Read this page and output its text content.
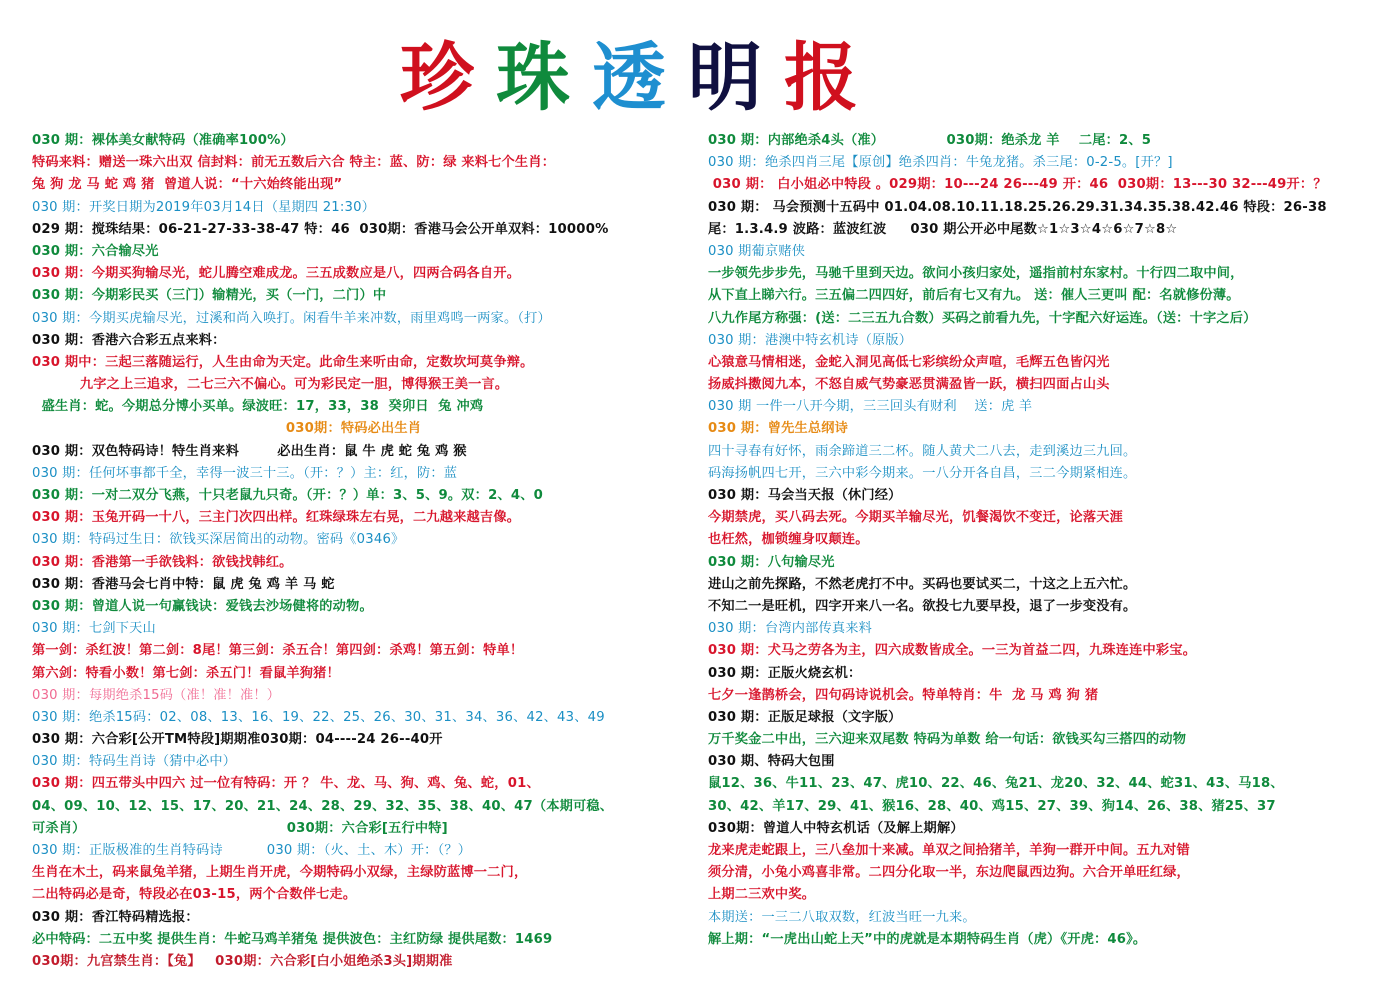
珍 珠 透 明 报
030 期：裸体美女献特码（准确率100%）
特码来料：赠送一珠六出双 信封料：前无五数后六合 特主：蓝、防：绿 来料七个生肖：
兔 狗 龙 马 蛇 鸡 猪  曾道人说：“十六始终能出现”
030 期：开奖日期为2019年03月14日（星期四 21:30）
029 期：搅珠结果：06-21-27-33-38-47 特：46  030期：香港马会公开单双料：10000%
030 期：六合输尽光
030 期：今期买狗输尽光，蛇儿腾空难成龙。三五成数应是八，四两合码各自开。
030 期：今期彩民买（三门）输精光，买（一门，二门）中
030 期：今期买虎输尽光，过溪和尚入唤打。闲看牛羊来冲数，雨里鸡鸣一两家。（打）
030 期：香港六合彩五点来料：
030 期中：三起三落随运行，人生由命为天定。此命生来听由命，定数坎坷莫争辩。
九字之上三追求，二七三六不偏心。可为彩民定一胆，博得猴王美一言。
盛生肖：蛇。今期总分博小买单。绿波旺：17，33，38  癸卯日  兔 冲鸡
030期：特码必出生肖
030 期：双色特码诗！特生肖来料        必出生肖：鼠 牛 虎 蛇 兔 鸡 猴
030 期：任何坏事都千全，幸得一波三十三。（开：？）主：红，防：蓝
030 期：一对二双分飞燕，十只老鼠九只奇。（开：？）单：3、5、9。双：2、4、0
030 期：玉兔开码一十八，三主门次四出样。红珠绿珠左右晃，二九越来越吉像。
030 期：特码过生日：欲钱买深居简出的动物。密码《0346》
030 期：香港第一手欲钱料：欲钱找韩红。
030 期：香港马会七肖中特：鼠 虎 兔 鸡 羊 马 蛇
030 期：曾道人说一句赢钱诀：爱钱去沙场健将的动物。
030 期：七剑下天山
第一剑：杀红波！第二剑：8尾！第三剑：杀五合！第四剑：杀鸡！第五剑：特单！
第六剑：特看小数！第七剑：杀五门！看鼠羊狗猪！
030 期：每期绝杀15码（准！准！准！）
030 期：绝杀15码：02、08、13、16、19、22、25、26、30、31、34、36、42、43、49
030 期：六合彩[公开TM特段]期期准030期：04----24 26--40开
030 期：特码生肖诗（猜中必中）
030 期：四五带头中四六 过一位有特码：开 ？ 牛、龙、马、狗、鸡、兔、蛇，01、
04、09、10、12、15、17、20、21、24、28、29、32、35、38、40、47（本期可稳、
可杀肖）                                          030期：六合彩[五行中特]
030 期：正版极准的生肖特码诗          030 期：（火、土、木）开：（？）
生肖在木土，码来鼠兔羊猪，上期生肖开虎，今期特码小双绿，主绿防蓝博一二门，
二出特码必是奇，特段必在03-15，两个合数伴七走。
030 期：香江特码精选报：
必中特码：二五中奖 提供生肖：牛蛇马鸡羊猪兔 提供波色：主红防绿 提供尾数：1469
030期：九宫禁生肖：【兔】   030期：六合彩[白小姐绝杀3头]期期准
030 期：内部绝杀4头（准）             030期：绝杀龙 羊    二尾：2、5
030 期：绝杀四肖三尾【原创】绝杀四肖：牛兔龙猪。杀三尾：0-2-5。[开？]
030 期： 白小姐必中特段 。029期：10---24 26---49 开：46  030期：13---30 32---49开：？
030 期： 马会预测十五码中 01.04.08.10.11.18.25.26.29.31.34.35.38.42.46 特段：26-38
尾：1.3.4.9 波路：蓝波红波     030 期公开必中尾数☆1☆3☆4☆6☆7☆8☆
030 期葡京赌侠
一步领先步步先，马驰千里到天边。欲问小孩归家处，遥指前村东家村。十行四二取中间，
从下直上睇六行。三五偏二四四好，前后有七又有九。 送：催人三更叫 配：名就修份薄。
八九作尾方称强：(送：二三五九合数）买码之前看九先，十字配六好运连。（送：十字之后）
030 期：港澳中特玄机诗（原版）
心猿意马情相迷，金蛇入洞见高低七彩缤纷众声喧，毛辉五色皆闪光
扬威抖擞阅九本，不怒自威气势豪恶贯满盈皆一跃，横扫四面占山头
030 期 一件一八开今期，三三回头有财利    送：虎 羊
030 期：曾先生总纲诗
四十寻春有好怀，雨余蹄道三二杯。随人黄犬二八去，走到溪边三九回。
码海扬帆四七开，三六中彩今期来。一八分开各自昌，三二今期紧相连。
030 期：马会当天报（休门经）
今期禁虎，买八码去死。今期买羊输尽光，饥餐渴饮不变迁，论落天涯
也枉然，枷锁缠身叹颠连。
030 期：八句输尽光
进山之前先探路，不然老虎打不中。买码也要试买二，十这之上五六忙。
不知二一是旺机，四字开来八一名。欲投七九要早投，退了一步变没有。
030 期：台湾内部传真来料
030 期：犬马之劳各为主，四六成数皆成全。一三为首益二四，九珠连连中彩宝。
030 期：正版火烧玄机：
七夕一逢鹊桥会，四句码诗说机会。特单特肖：牛  龙 马 鸡 狗 猪
030 期：正版足球报（文字版）
万千奖金二中出，三六迎来双尾数 特码为单数 给一句话：欲钱买勾三搭四的动物
030 期、特码大包围
鼠12、36、牛11、23、47、虎10、22、46、兔21、龙20、32、44、蛇31、43、马18、
30、42、羊17、29、41、猴16、28、40、鸡15、27、39、狗14、26、38、猪25、37
030期：曾道人中特玄机话（及解上期解）
龙来虎走蛇跟上，三八垒加十来减。单双之间拾猪羊，羊狗一群开中间。五九对错
须分清，小兔小鸡喜非常。二四分化取一半，东边爬鼠西边狗。六合开单旺红绿，
上期二三欢中奖。
本期送：一三二八取双数，红波当旺一九来。
解上期：“一虎出山蛇上天”中的虎就是本期特码生肖（虎）《开虎：46》。
